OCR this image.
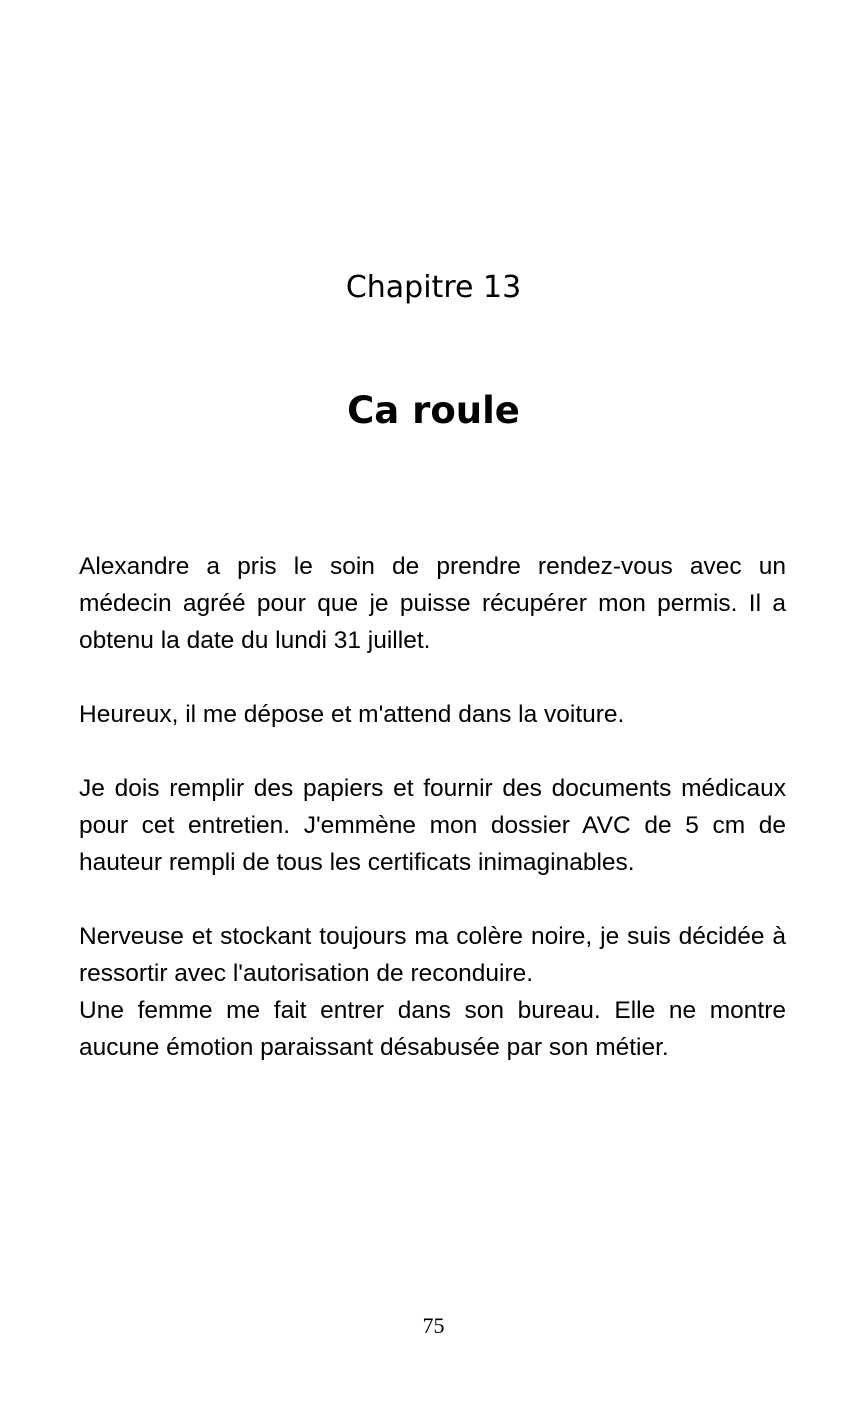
Chapitre 13
Ca roule

Alexandre a pris le soin de prendre rendez-vous avec un médecin agréé pour que je puisse récupérer mon permis. Il a obtenu la date du lundi 31 juillet.

Heureux, il me dépose et m'attend dans la voiture.

Je dois remplir des papiers et fournir des documents médicaux pour cet entretien. J'emmène mon dossier AVC de 5 cm de hauteur rempli de tous les certificats inimaginables.

Nerveuse et stockant toujours ma colère noire, je suis décidée à ressortir avec l'autorisation de reconduire.

Une femme me fait entrer dans son bureau. Elle ne montre aucune émotion paraissant désabusée par son métier.

75
